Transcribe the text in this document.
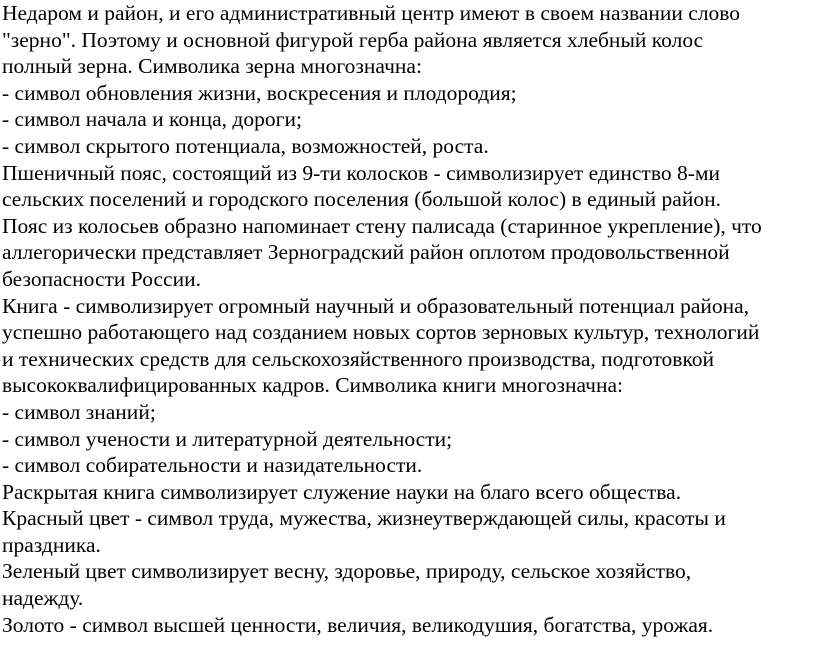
Недаром и район, и его административный центр имеют в своем названии слово
"зерно". Поэтому и основной фигурой герба района является хлебный колос
полный зерна. Символика зерна многозначна:
- символ обновления жизни, воскресения и плодородия;
- символ начала и конца, дороги;
- символ скрытого потенциала, возможностей, роста.
Пшеничный пояс, состоящий из 9-ти колосков - символизирует единство 8-ми
сельских поселений и городского поселения (большой колос) в единый район.
Пояс из колосьев образно напоминает стену палисада (старинное укрепление), что
аллегорически представляет Зерноградский район оплотом продовольственной
безопасности России.
Книга - символизирует огромный научный и образовательный потенциал района,
успешно работающего над созданием новых сортов зерновых культур, технологий
и технических средств для сельскохозяйственного производства, подготовкой
высококвалифицированных кадров. Символика книги многозначна:
- символ знаний;
- символ учености и литературной деятельности;
- символ собирательности и назидательности.
Раскрытая книга символизирует служение науки на благо всего общества.
Красный цвет - символ труда, мужества, жизнеутверждающей силы, красоты и
праздника.
Зеленый цвет символизирует весну, здоровье, природу, сельское хозяйство,
надежду.
Золото - символ высшей ценности, величия, великодушия, богатства, урожая.
